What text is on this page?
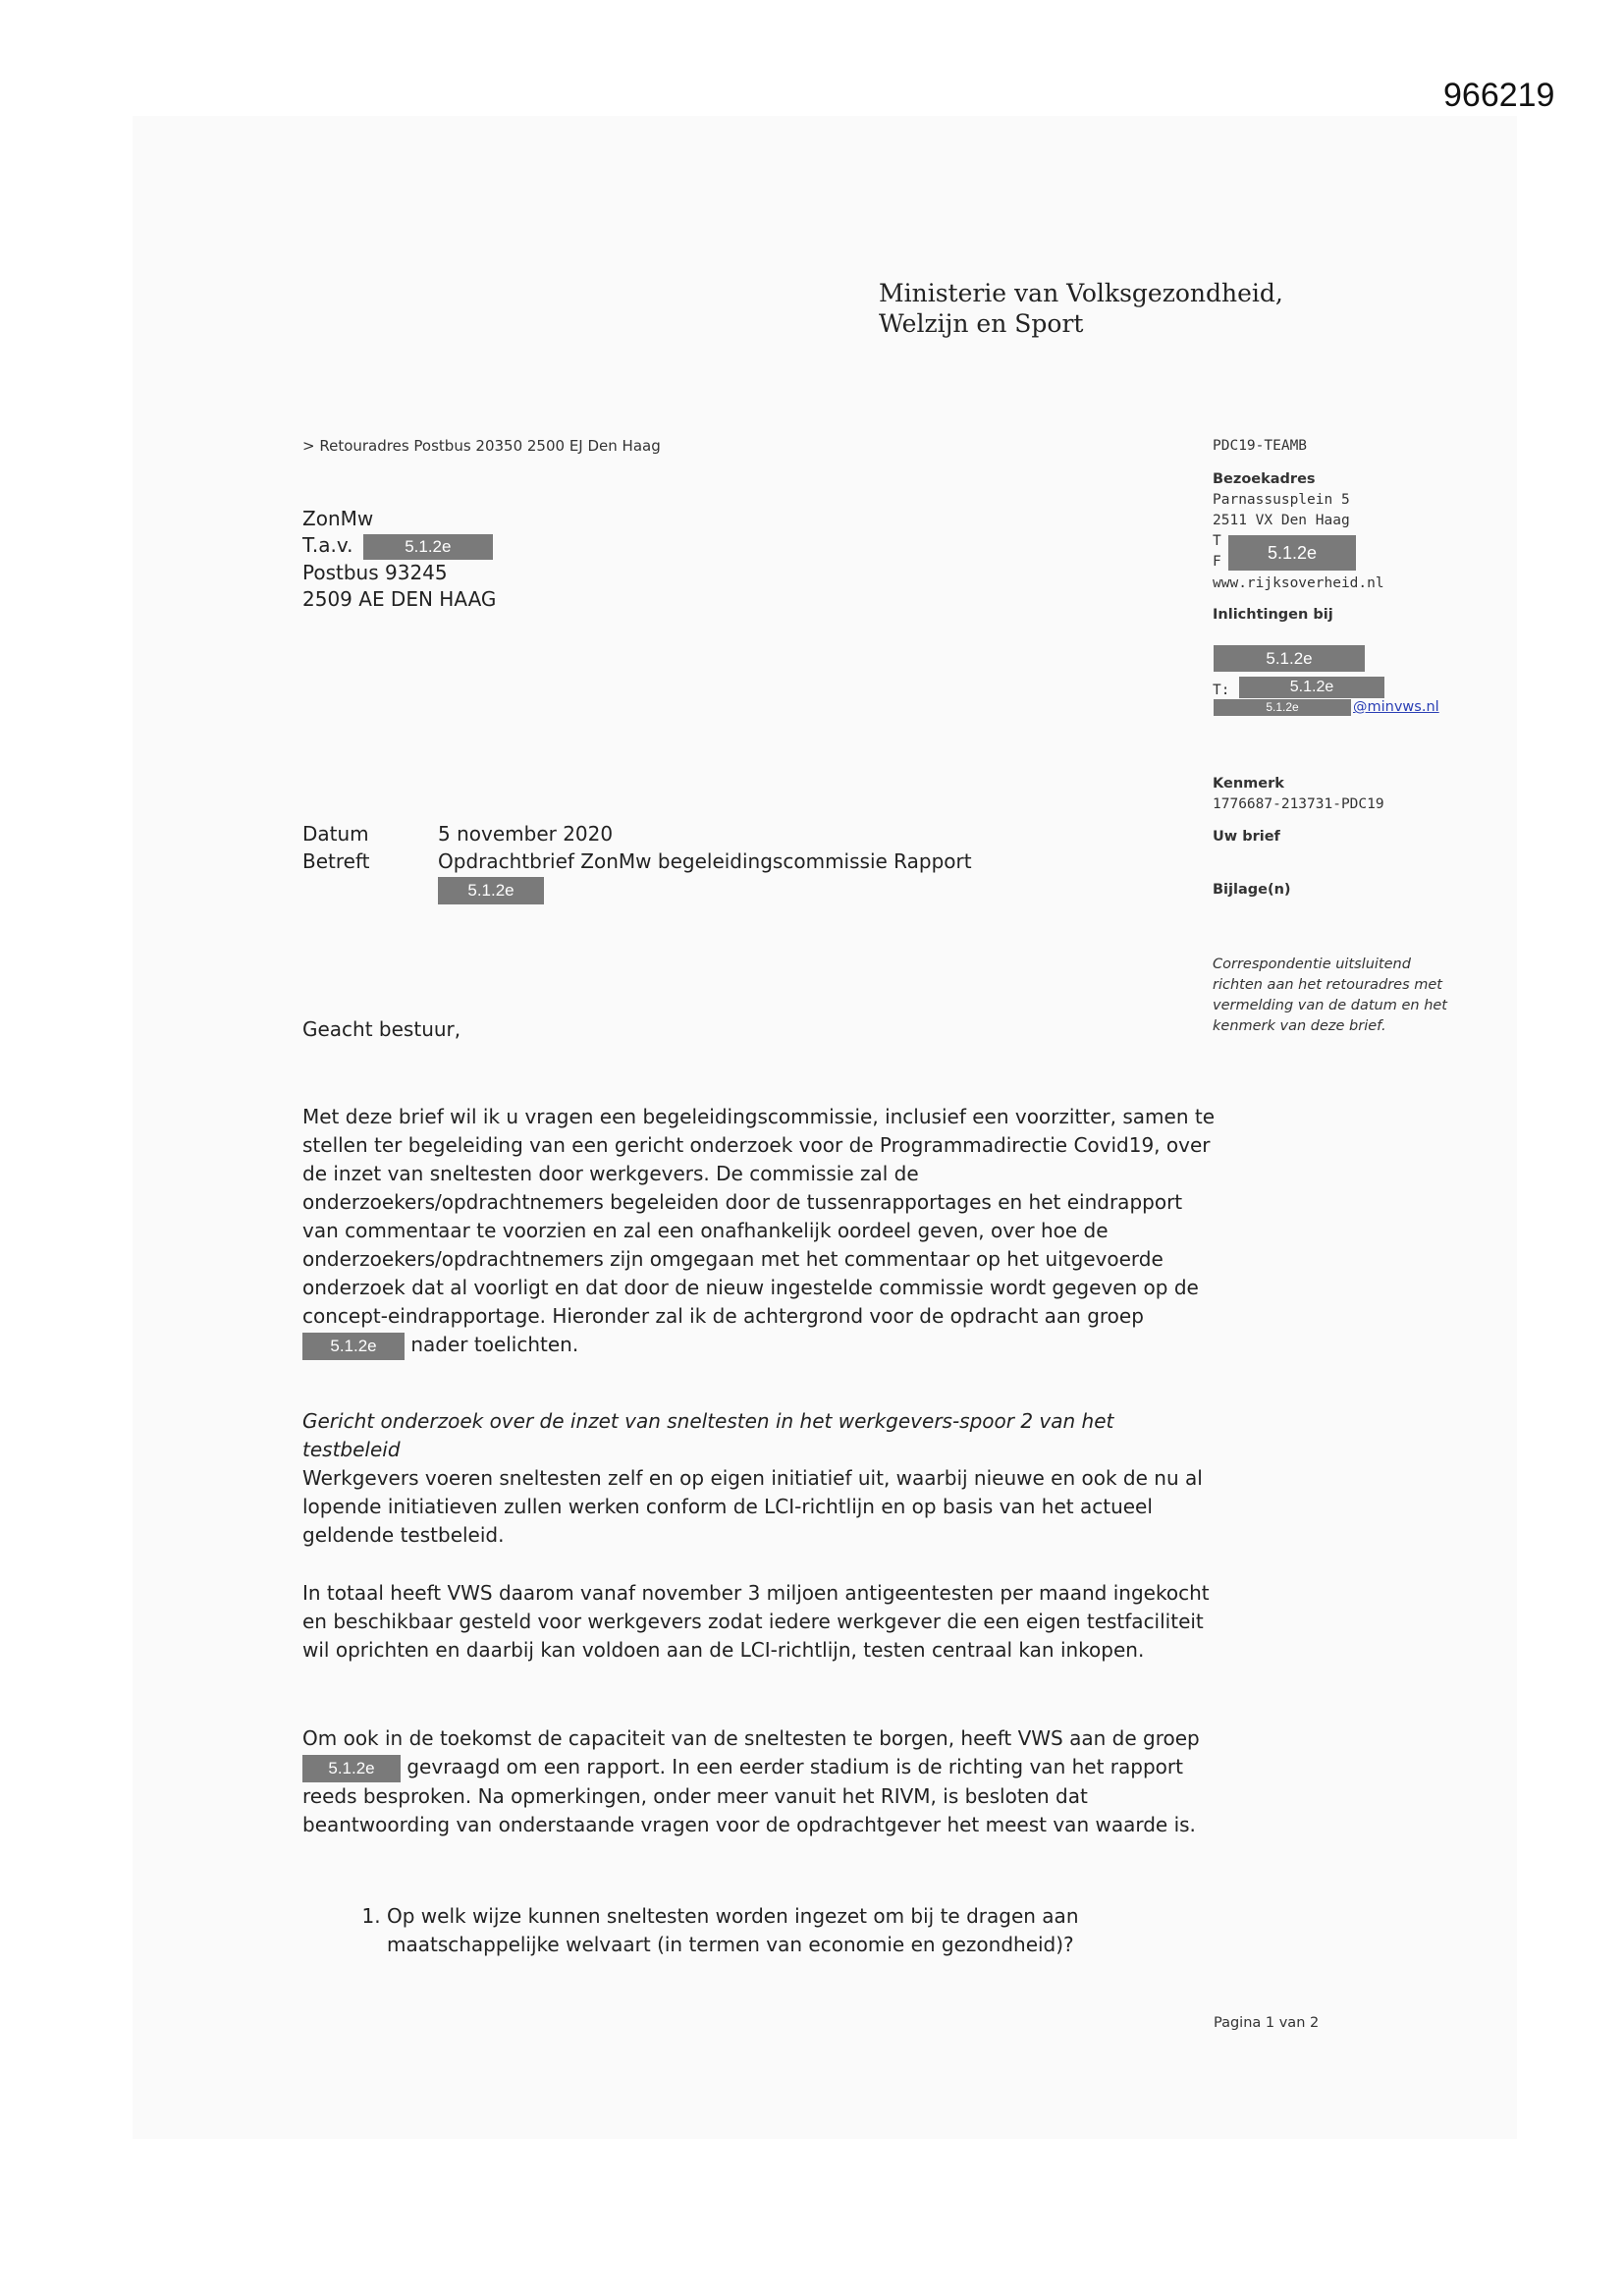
966219
Ministerie van Volksgezondheid,
Welzijn en Sport
> Retouradres Postbus 20350 2500 EJ Den Haag
ZonMw
T.a.v.	5.1.2e
Postbus 93245
2509 AE DEN HAAG
PDC19-TEAMB
Bezoekadres
Parnassusplein 5
2511 VX Den Haag
T
F	5.1.2e
www.rijksoverheid.nl
Inlichtingen bij
5.1.2e
T:	5.1.2e
5.1.2e	@minvws.nl
Kenmerk
1776687-213731-PDC19
Uw brief
Bijlage(n)
Correspondentie uitsluitend richten aan het retouradres met vermelding van de datum en het kenmerk van deze brief.
Datum	5 november 2020
Betreft	Opdrachtbrief ZonMw begeleidingscommissie Rapport
5.1.2e
Geacht bestuur,

Met deze brief wil ik u vragen een begeleidingscommissie, inclusief een voorzitter, samen te stellen ter begeleiding van een gericht onderzoek voor de Programmadirectie Covid19, over de inzet van sneltesten door werkgevers. De commissie zal de onderzoekers/opdrachtnemers begeleiden door de tussenrapportages en het eindrapport van commentaar te voorzien en zal een onafhankelijk oordeel geven, over hoe de onderzoekers/opdrachtnemers zijn omgegaan met het commentaar op het uitgevoerde onderzoek dat al voorligt en dat door de nieuw ingestelde commissie wordt gegeven op de concept-eindrapportage. Hieronder zal ik de achtergrond voor de opdracht aan groep 5.1.2e nader toelichten.

Gericht onderzoek over de inzet van sneltesten in het werkgevers-spoor 2 van het testbeleid
Werkgevers voeren sneltesten zelf en op eigen initiatief uit, waarbij nieuwe en ook de nu al lopende initiatieven zullen werken conform de LCI-richtlijn en op basis van het actueel geldende testbeleid.
In totaal heeft VWS daarom vanaf november 3 miljoen antigeentesten per maand ingekocht en beschikbaar gesteld voor werkgevers zodat iedere werkgever die een eigen testfaciliteit wil oprichten en daarbij kan voldoen aan de LCI-richtlijn, testen centraal kan inkopen.

Om ook in de toekomst de capaciteit van de sneltesten te borgen, heeft VWS aan de groep 5.1.2e gevraagd om een rapport. In een eerder stadium is de richting van het rapport reeds besproken. Na opmerkingen, onder meer vanuit het RIVM, is besloten dat beantwoording van onderstaande vragen voor de opdrachtgever het meest van waarde is.

1. Op welk wijze kunnen sneltesten worden ingezet om bij te dragen aan maatschappelijke welvaart (in termen van economie en gezondheid)?
Pagina 1 van 2
